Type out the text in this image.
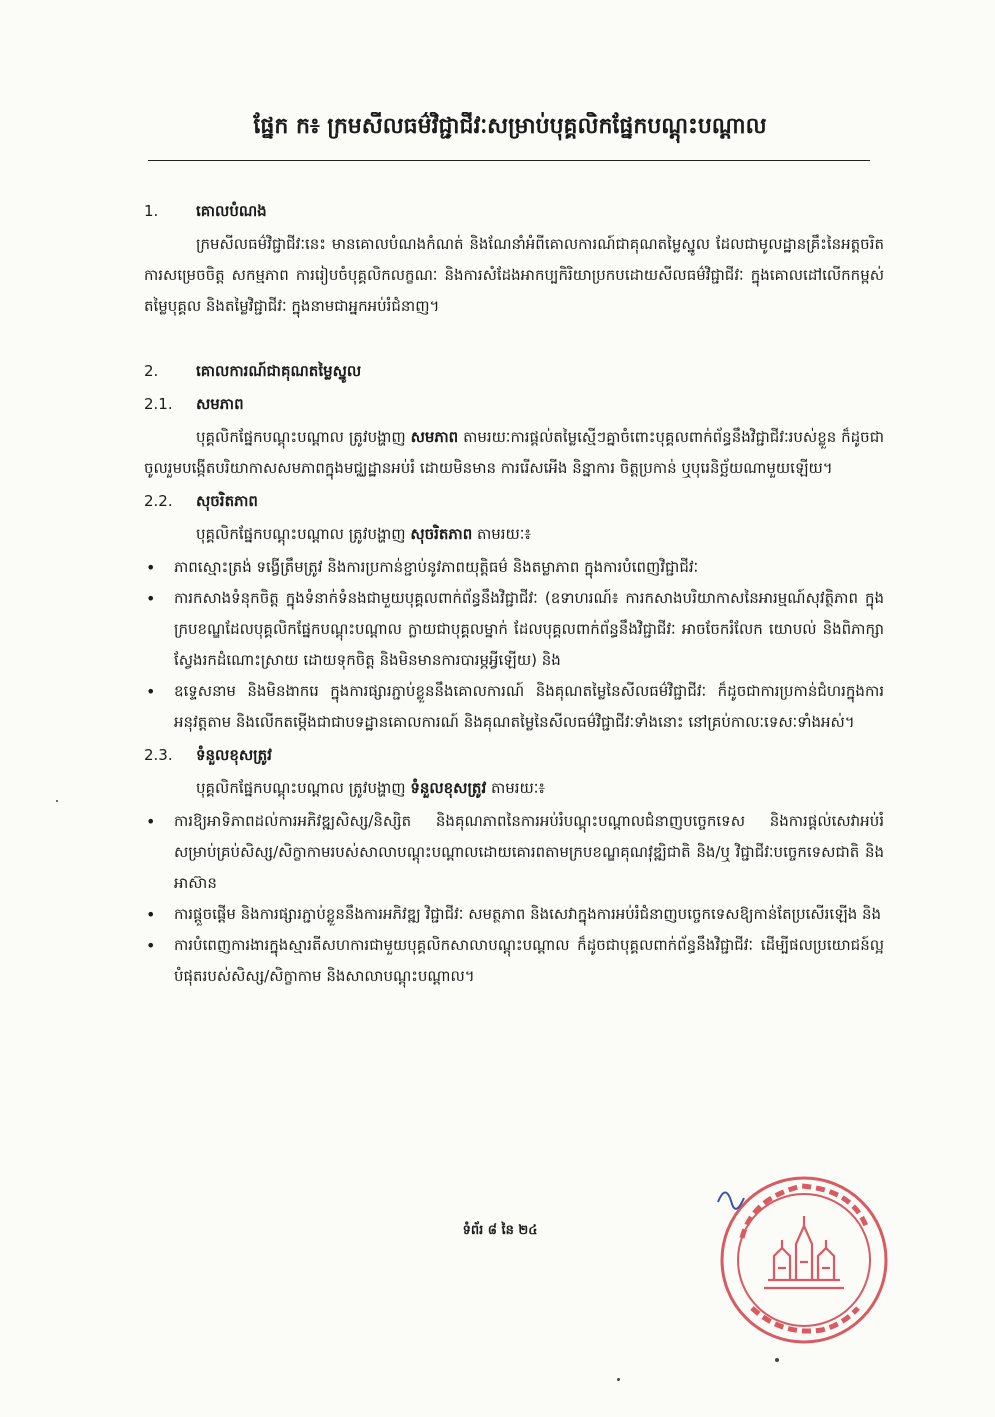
ផ្នែក ក៖ ក្រមសីលធម៌វិជ្ជាជីវៈសម្រាប់បុគ្គលិកផ្នែកបណ្តុះបណ្តាល
1.	គោលបំណង

ក្រមសីលធម៌វិជ្ជាជីវៈនេះ មានគោលបំណងកំណត់ និងណែនាំអំពីគោលការណ៍ជាគុណតម្លៃស្នូល ដែលជាមូលដ្ឋានគ្រឹះនៃអត្តចរិត ការសម្រេចចិត្ត សកម្មភាព ការរៀបចំបុគ្គលិកលក្ខណៈ និងការសំដែងអាកប្បកិរិយាប្រកបដោយសីលធម៌វិជ្ជាជីវៈ ក្នុងគោលដៅលើកកម្ពស់តម្លៃបុគ្គល និងតម្លៃវិជ្ជាជីវៈ ក្នុងនាមជាអ្នកអប់រំជំនាញ។

2.	គោលការណ៍ជាគុណតម្លៃស្នូល
2.1.	សមភាព

បុគ្គលិកផ្នែកបណ្តុះបណ្តាល ត្រូវបង្ហាញ សមភាព តាមរយៈការផ្តល់តម្លៃស្មើៗគ្នាចំពោះបុគ្គលពាក់ព័ន្ធនឹងវិជ្ជាជីវៈរបស់ខ្លួន ក៏ដូចជាចូលរួមបង្កើតបរិយាកាសសមភាពក្នុងមជ្ឈដ្ឋានអប់រំ ដោយមិនមាន ការរើសអើង និន្នាការ ចិត្តប្រកាន់ ឬបុរេនិច្ឆ័យណាមួយឡើយ។

2.2.	សុចរិតភាព

បុគ្គលិកផ្នែកបណ្តុះបណ្តាល ត្រូវបង្ហាញ សុចរិតភាព តាមរយៈ៖

• ភាពស្មោះត្រង់ ទង្វើត្រឹមត្រូវ និងការប្រកាន់ខ្ជាប់នូវភាពយុត្តិធម៌ និងតម្លាភាព ក្នុងការបំពេញវិជ្ជាជីវៈ
• ការកសាងទំនុកចិត្ត ក្នុងទំនាក់ទំនងជាមួយបុគ្គលពាក់ព័ន្ធនឹងវិជ្ជាជីវៈ (ឧទាហរណ៍៖ ការកសាងបរិយាកាសនៃអារម្មណ៍សុវត្ថិភាព ក្នុងក្របខណ្ឌដែលបុគ្គលិកផ្នែកបណ្តុះបណ្តាល ក្លាយជាបុគ្គលម្នាក់ ដែលបុគ្គលពាក់ព័ន្ធនឹងវិជ្ជាជីវៈ អាចចែករំលែក យោបល់ និងពិភាក្សាស្វែងរកដំណោះស្រាយ ដោយទុកចិត្ត និងមិនមានការបារម្ភអ្វីឡើយ) និង
• ឧទ្ទេសនាម និងមិនងាករេ ក្នុងការផ្សារភ្ជាប់ខ្លួននឹងគោលការណ៍ និងគុណតម្លៃនៃសីលធម៌វិជ្ជាជីវៈ ក៏ដូចជាការប្រកាន់ជំហរក្នុងការអនុវត្តតាម និងលើកតម្កើងជាជាបទដ្ឋានគោលការណ៍ និងគុណតម្លៃនៃសីលធម៌វិជ្ជាជីវៈទាំងនោះ នៅគ្រប់កាលៈទេសៈទាំងអស់។
2.3.	ទំនួលខុសត្រូវ

បុគ្គលិកផ្នែកបណ្តុះបណ្តាល ត្រូវបង្ហាញ ទំនួលខុសត្រូវ តាមរយៈ៖

• ការឱ្យអាទិភាពដល់ការអភិវឌ្ឍសិស្ស/និស្សិត និងគុណភាពនៃការអប់រំបណ្តុះបណ្តាលជំនាញបច្ចេកទេស និងការផ្តល់សេវាអប់រំសម្រាប់គ្រប់សិស្ស/សិក្ខាកាមរបស់សាលាបណ្តុះបណ្តាលដោយគោរពតាមក្របខណ្ឌគុណវុឌ្ឍិជាតិ និង/ឬ វិជ្ជាជីវៈបច្ចេកទេសជាតិ និងអាស៊ាន
• ការផ្តួចផ្តើម និងការផ្សារភ្ជាប់ខ្លួននឹងការអភិវឌ្ឍ វិជ្ជាជីវៈ សមត្ថភាព និងសេវាក្នុងការអប់រំជំនាញបច្ចេកទេសឱ្យកាន់តែប្រសើរឡើង និង
• ការបំពេញការងារក្នុងស្មារតីសហការជាមួយបុគ្គលិកសាលាបណ្តុះបណ្តាល ក៏ដូចជាបុគ្គលពាក់ព័ន្ធនឹងវិជ្ជាជីវៈ ដើម្បីផលប្រយោជន៍ល្អបំផុតរបស់សិស្ស/សិក្ខាកាម និងសាលាបណ្តុះបណ្តាល។
ទំព័រ ៨ នៃ ២៤
